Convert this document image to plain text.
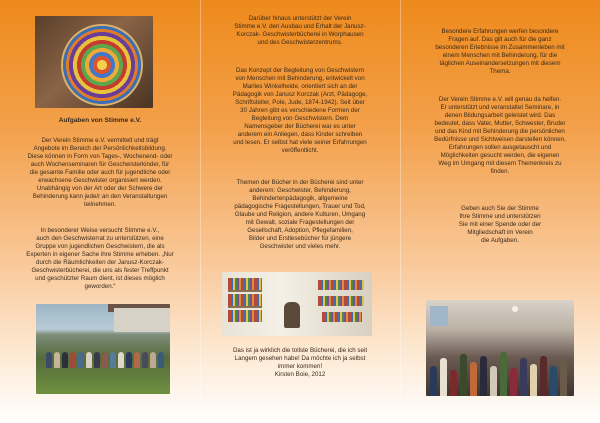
Aufgaben von Stimme e.V.

Der Verein Stimme e.V. vermittelt und trägt

Angebote im Bereich der Persönlichkeitsbildung.

Diese können in Form von Tages-, Wochenend- oder

auch Wochenseminaren für Geschwisterkinder, für

die gesamte Familie oder auch für jugendliche oder

erwachsene Geschwister organisiert werden.

Unabhängig von der Art oder der Schwere der

Behinderung kann jede/r an den Veranstaltungen

teilnehmen.

In besonderer Weise versucht Stimme e.V.,

auch den Geschwisterrat zu unterstützen, eine

Gruppe von jugendlichen Geschwistern, die als

Experten in eigener Sache ihre Stimme erheben. „Nur

durch die Räumlichkeiten der Janusz-Korczak-

Geschwisterbücherei, die uns als fester Treffpunkt

und geschützter Raum dient, ist dieses möglich

geworden.“

Darüber hinaus unterstützt der Verein

Stimme e.V. den Ausbau und Erhalt der Janusz-

Korczak- Geschwisterbücherei in Worphausen

und des Geschwisterzentrums.

Das Konzept der Begleitung von Geschwistern

von Menschen mit Behinderung, entwickelt von

Marlies Winkelheide, orientiert sich an der

Pädagogik von Janusz Korczak (Arzt, Pädagoge,

Schriftsteller, Pole, Jude, 1874-1942). Seit über

30 Jahren gibt es verschiedene Formen der

Begleitung von Geschwistern. Dem

Namensgeber der Bücherei war es unter

anderem ein Anliegen, dass Kinder schreiben

und lesen. Er selbst hat viele seiner Erfahrungen

veröffentlicht.

Themen der Bücher in der Bücherei sind unter

anderem: Geschwister, Behinderung,

Behindertenpädagogik, allgemeine

pädagogische Fragestellungen, Trauer und Tod,

Glaube und Religion, andere Kulturen, Umgang

mit Gewalt, soziale Fragestellungen der

Gesellschaft, Adoption, Pflegefamilien,

Bilder und Erstlesebücher für jüngere

Geschwister und vieles mehr.

Das ist ja wirklich die tollste Bücherei, die ich seit

Langem gesehen habe! Da möchte ich ja selbst

immer kommen!

Kirsten Boie, 2012

Besondere Erfahrungen werfen besondere

Fragen auf. Das gilt auch für die ganz

besonderen Erlebnisse im Zusammenleben mit

einem Menschen mit Behinderung, für die

täglichen Auseinandersetzungen mit diesem

Thema.

Der Verein Stimme e.V. will genau da helfen.

Er unterstützt und veranstaltet Seminare, in

denen Bildungsarbeit geleistet wird. Das

bedeutet, dass Vater, Mutter, Schwester, Bruder

und das Kind mit Behinderung die persönlichen

Bedürfnisse und Sichtweisen darstellen können.

Erfahrungen sollen ausgetauscht und

Möglichkeiten gesucht werden, die eigenen

Weg im Umgang mit diesem Themenkreis zu

finden.

Geben auch Sie der Stimme

Ihre Stimme und unterstützen

Sie mit einer Spende oder der

Mitgliedschaft im Verein

die Aufgaben.
